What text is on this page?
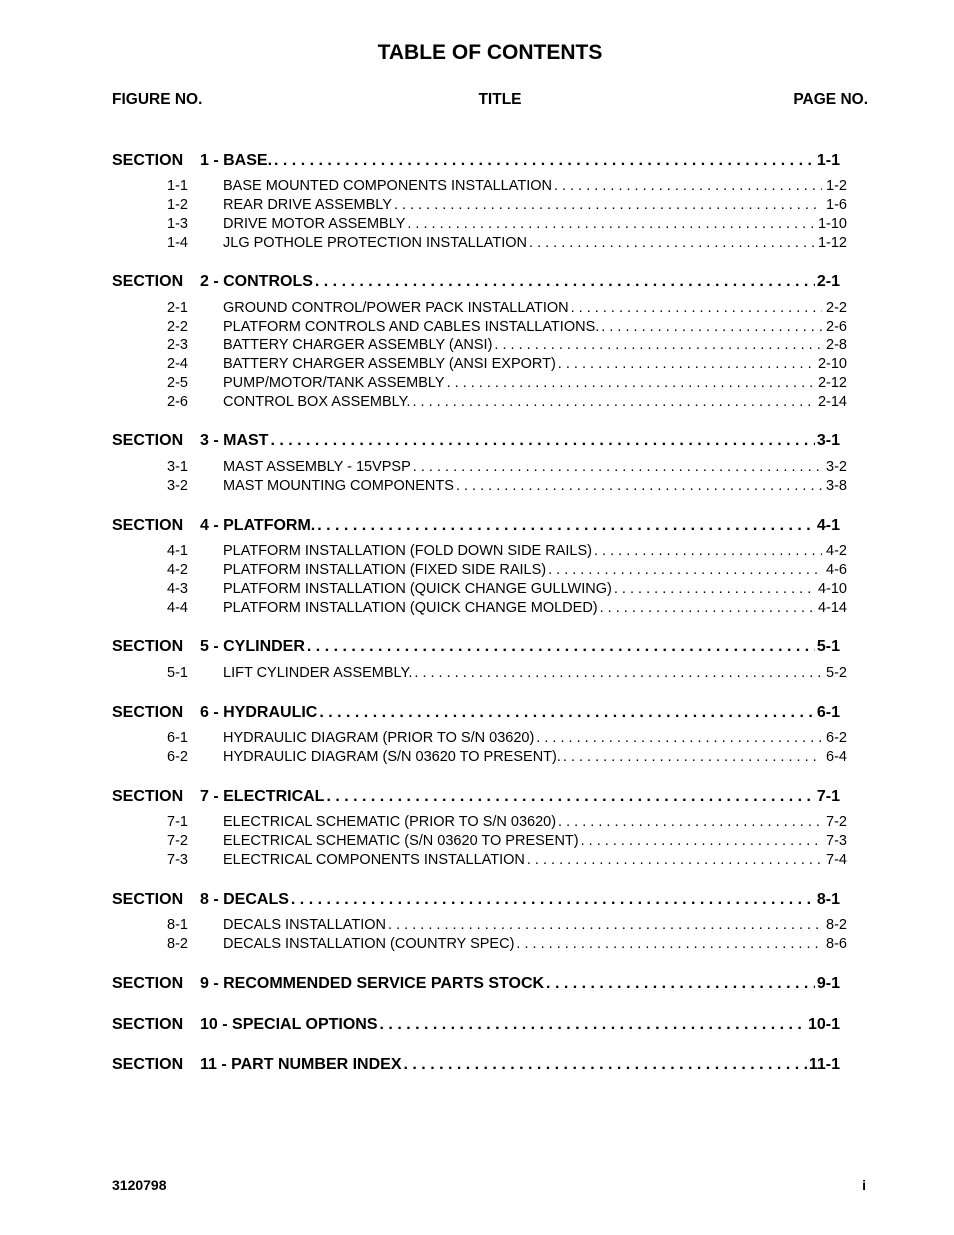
TABLE OF CONTENTS
FIGURE NO.	TITLE	PAGE NO.
SECTION	1 - BASE. . . .	1-1
1-1	BASE MOUNTED COMPONENTS INSTALLATION . . .	1-2
1-2	REAR DRIVE ASSEMBLY . . .	1-6
1-3	DRIVE MOTOR ASSEMBLY . . .	1-10
1-4	JLG POTHOLE PROTECTION INSTALLATION . . .	1-12
SECTION	2 - CONTROLS . . .	2-1
2-1	GROUND CONTROL/POWER PACK INSTALLATION . . .	2-2
2-2	PLATFORM CONTROLS AND CABLES INSTALLATIONS. . . .	2-6
2-3	BATTERY CHARGER ASSEMBLY (ANSI) . . .	2-8
2-4	BATTERY CHARGER ASSEMBLY (ANSI EXPORT) . . .	2-10
2-5	PUMP/MOTOR/TANK ASSEMBLY . . .	2-12
2-6	CONTROL BOX ASSEMBLY. . . .	2-14
SECTION	3 - MAST . . .	3-1
3-1	MAST ASSEMBLY - 15VPSP . . .	3-2
3-2	MAST MOUNTING COMPONENTS . . .	3-8
SECTION	4 - PLATFORM. . . .	4-1
4-1	PLATFORM INSTALLATION (FOLD DOWN SIDE RAILS) . . .	4-2
4-2	PLATFORM INSTALLATION (FIXED SIDE RAILS) . . .	4-6
4-3	PLATFORM INSTALLATION (QUICK CHANGE GULLWING) . . .	4-10
4-4	PLATFORM INSTALLATION (QUICK CHANGE MOLDED) . . .	4-14
SECTION	5 - CYLINDER . . .	5-1
5-1	LIFT CYLINDER ASSEMBLY. . . .	5-2
SECTION	6 - HYDRAULIC . . .	6-1
6-1	HYDRAULIC DIAGRAM (PRIOR TO S/N 03620) . . .	6-2
6-2	HYDRAULIC DIAGRAM (S/N 03620 TO PRESENT). . . .	6-4
SECTION	7 - ELECTRICAL . . .	7-1
7-1	ELECTRICAL SCHEMATIC (PRIOR TO S/N 03620) . . .	7-2
7-2	ELECTRICAL SCHEMATIC (S/N 03620 TO PRESENT) . . .	7-3
7-3	ELECTRICAL COMPONENTS INSTALLATION . . .	7-4
SECTION	8 - DECALS . . .	8-1
8-1	DECALS INSTALLATION . . .	8-2
8-2	DECALS INSTALLATION (COUNTRY SPEC) . . .	8-6
SECTION	9 - RECOMMENDED SERVICE PARTS STOCK . . .	9-1
SECTION	10 - SPECIAL OPTIONS . . .	10-1
SECTION	11 - PART NUMBER INDEX . . .	11-1
3120798	i
